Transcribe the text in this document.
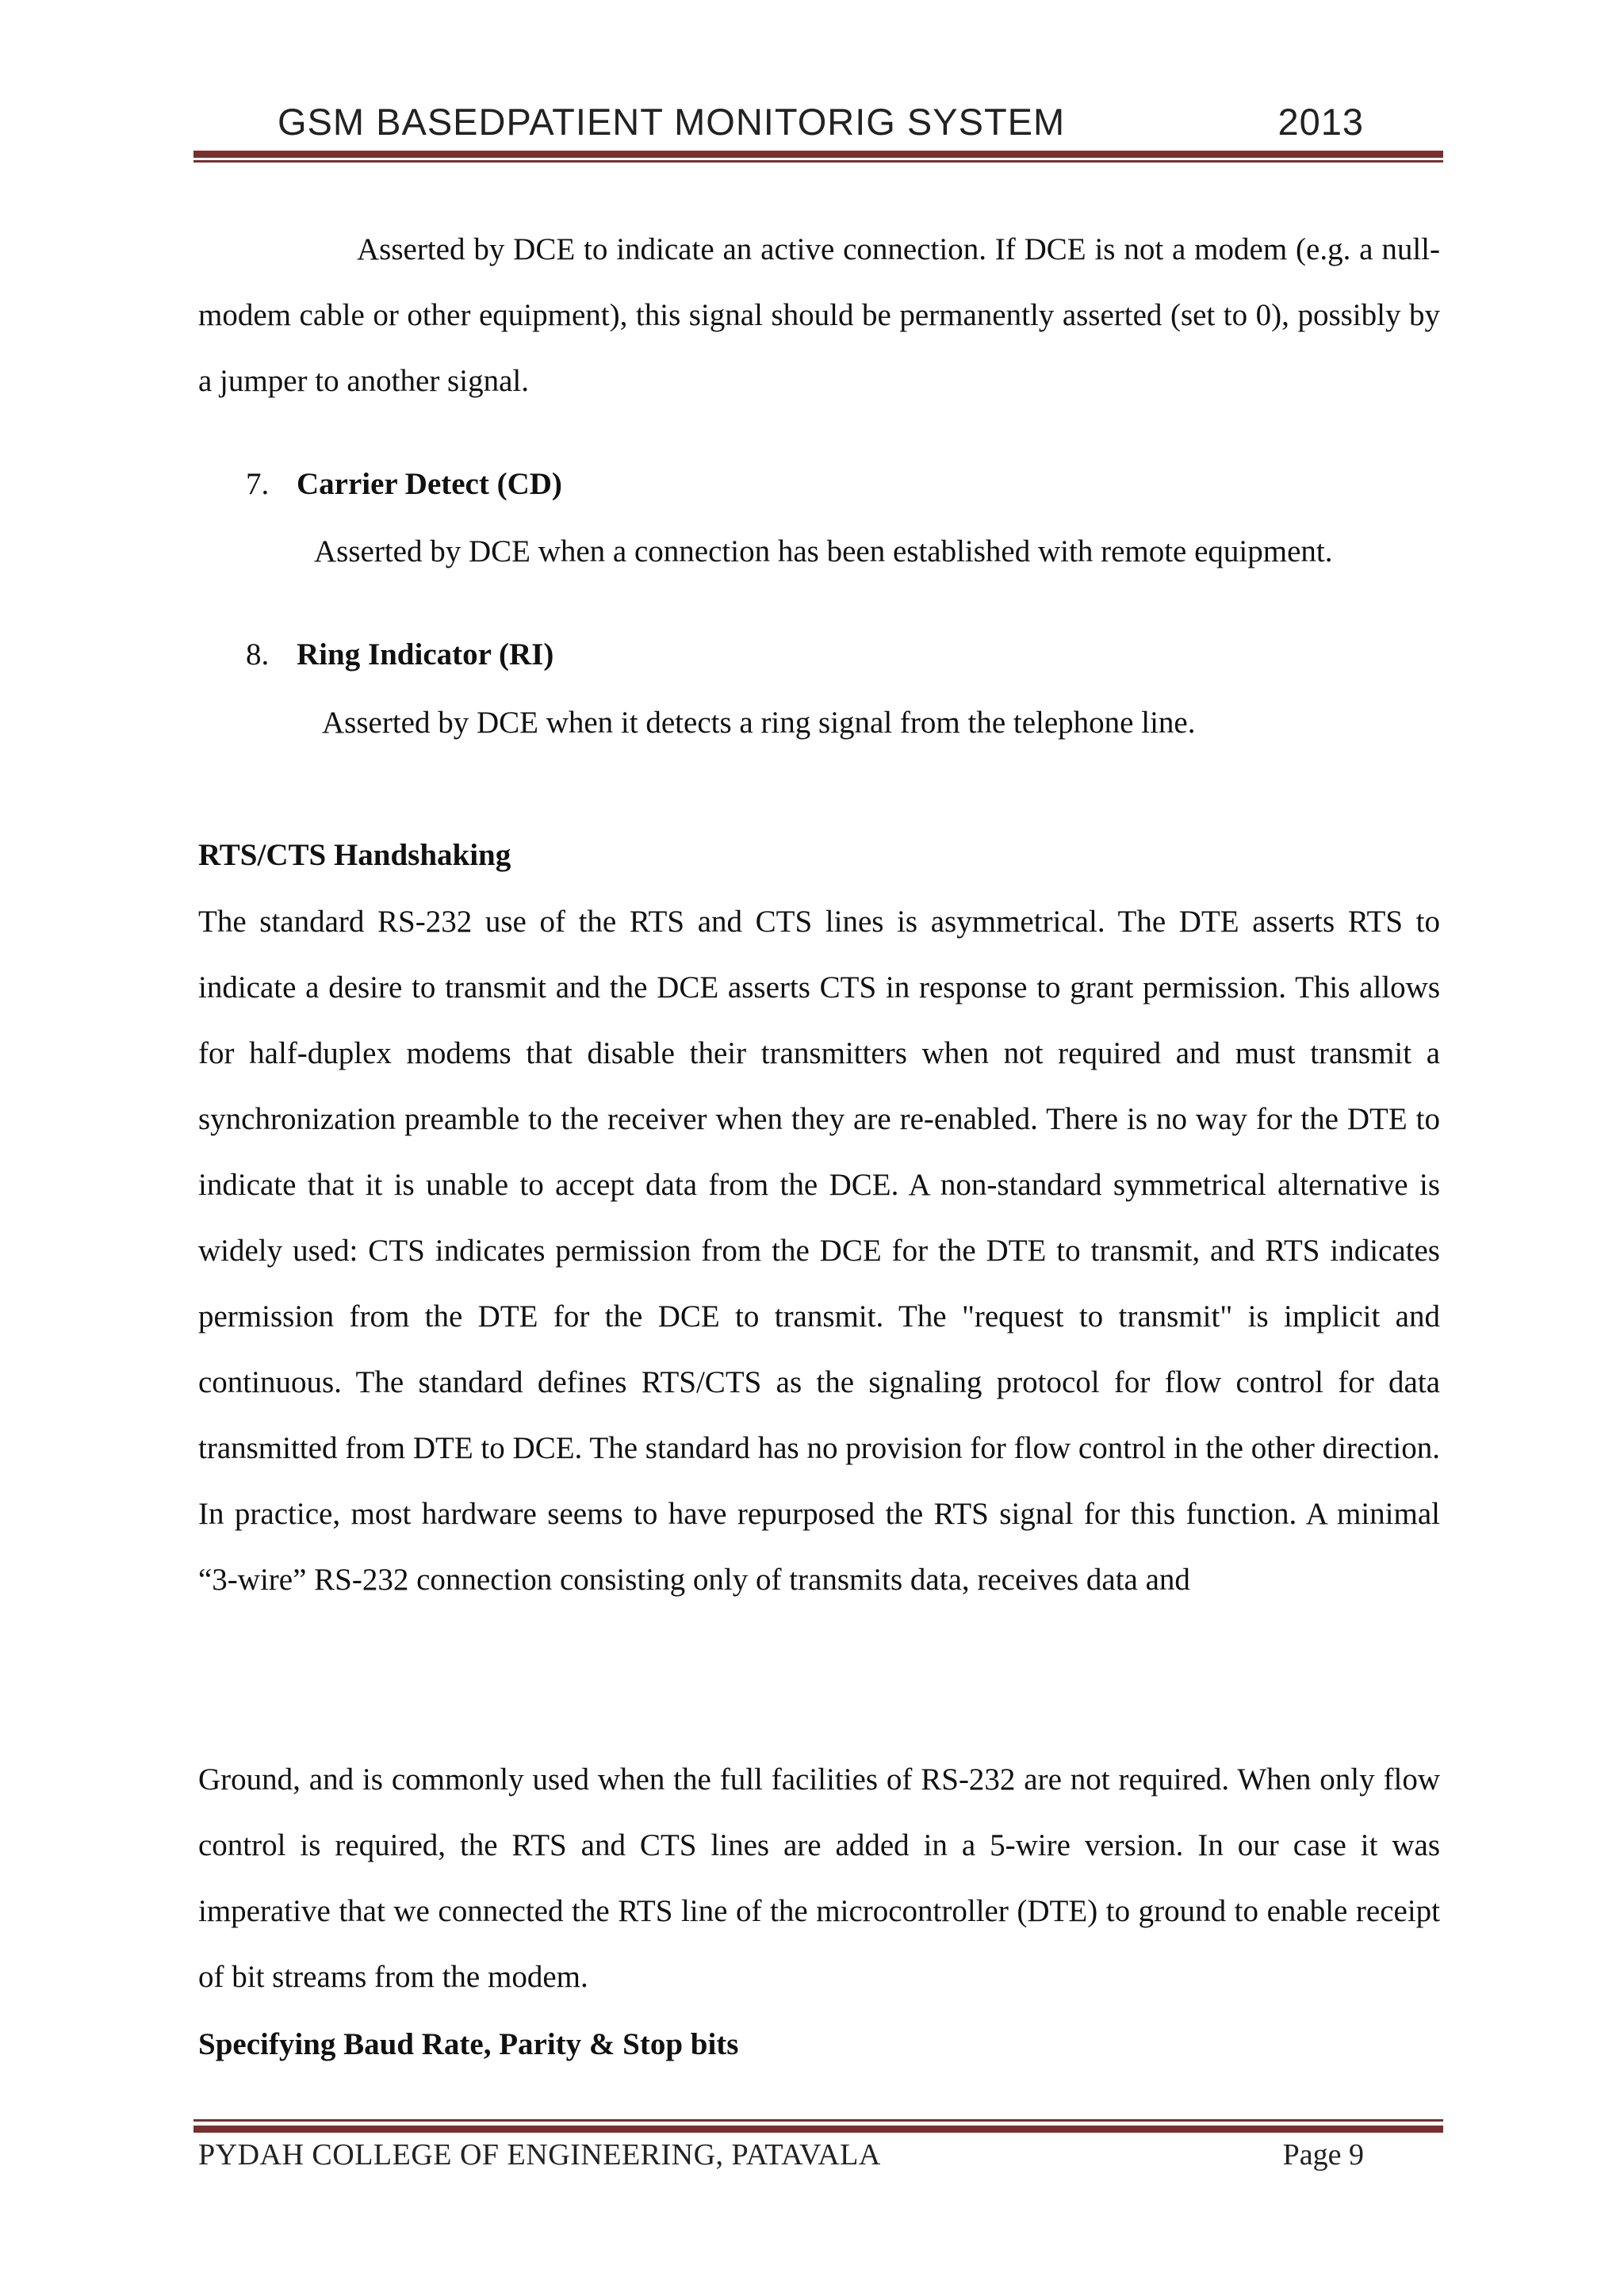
GSM BASEDPATIENT MONITORIG SYSTEM	2013

Asserted by DCE to indicate an active connection. If DCE is not a modem (e.g. a null-modem cable or other equipment), this signal should be permanently asserted (set to 0), possibly by a jumper to another signal.

7. Carrier Detect (CD)
Asserted by DCE when a connection has been established with remote equipment.
8. Ring Indicator (RI)
Asserted by DCE when it detects a ring signal from the telephone line.
RTS/CTS Handshaking

The standard RS-232 use of the RTS and CTS lines is asymmetrical. The DTE asserts RTS to indicate a desire to transmit and the DCE asserts CTS in response to grant permission. This allows for half-duplex modems that disable their transmitters when not required and must transmit a synchronization preamble to the receiver when they are re-enabled. There is no way for the DTE to indicate that it is unable to accept data from the DCE. A non-standard symmetrical alternative is widely used: CTS indicates permission from the DCE for the DTE to transmit, and RTS indicates permission from the DTE for the DCE to transmit. The "request to transmit" is implicit and continuous. The standard defines RTS/CTS as the signaling protocol for flow control for data transmitted from DTE to DCE. The standard has no provision for flow control in the other direction. In practice, most hardware seems to have repurposed the RTS signal for this function. A minimal “3-wire” RS-232 connection consisting only of transmits data, receives data and

Ground, and is commonly used when the full facilities of RS-232 are not required. When only flow control is required, the RTS and CTS lines are added in a 5-wire version. In our case it was imperative that we connected the RTS line of the microcontroller (DTE) to ground to enable receipt of bit streams from the modem.

Specifying Baud Rate, Parity & Stop bits
PYDAH COLLEGE OF ENGINEERING, PATAVALA	Page 9
